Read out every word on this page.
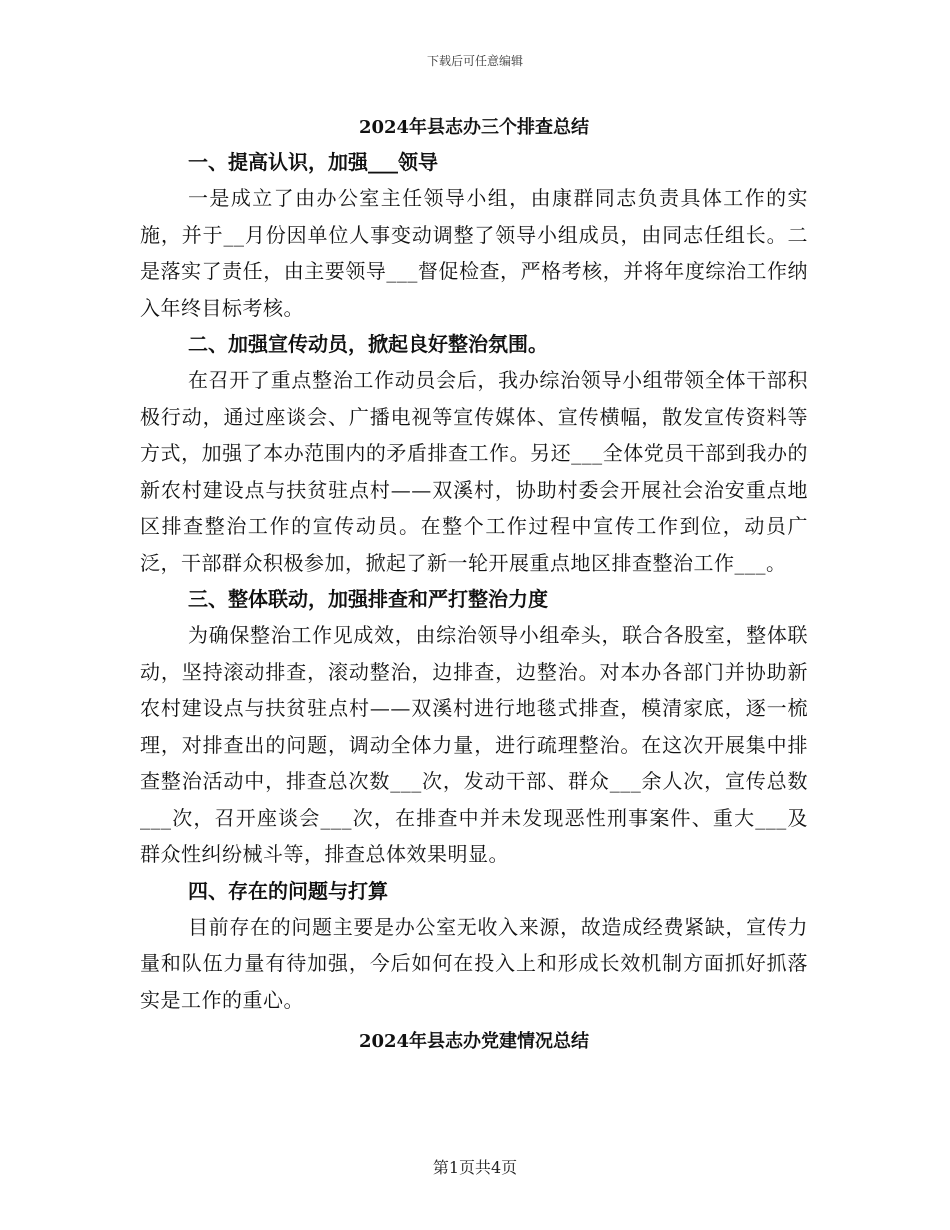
下载后可任意编辑
2024年县志办三个排查总结
一、提高认识，加强___领导

一是成立了由办公室主任领导小组，由康群同志负责具体工作的实施，并于__月份因单位人事变动调整了领导小组成员，由同志任组长。二是落实了责任，由主要领导___督促检查，严格考核，并将年度综治工作纳入年终目标考核。

二、加强宣传动员，掀起良好整治氛围。

在召开了重点整治工作动员会后，我办综治领导小组带领全体干部积极行动，通过座谈会、广播电视等宣传媒体、宣传横幅，散发宣传资料等方式，加强了本办范围内的矛盾排查工作。另还___全体党员干部到我办的新农村建设点与扶贫驻点村——双溪村，协助村委会开展社会治安重点地区排查整治工作的宣传动员。在整个工作过程中宣传工作到位，动员广泛，干部群众积极参加，掀起了新一轮开展重点地区排查整治工作___。

三、整体联动，加强排查和严打整治力度

为确保整治工作见成效，由综治领导小组牵头，联合各股室，整体联动，坚持滚动排查，滚动整治，边排查，边整治。对本办各部门并协助新农村建设点与扶贫驻点村——双溪村进行地毯式排查，模清家底，逐一梳理，对排查出的问题，调动全体力量，进行疏理整治。在这次开展集中排查整治活动中，排查总次数___次，发动干部、群众___余人次，宣传总数___次，召开座谈会___次，在排查中并未发现恶性刑事案件、重大___及群众性纠纷械斗等，排查总体效果明显。

四、存在的问题与打算

目前存在的问题主要是办公室无收入来源，故造成经费紧缺，宣传力量和队伍力量有待加强，今后如何在投入上和形成长效机制方面抓好抓落实是工作的重心。

2024年县志办党建情况总结
第1页共4页
